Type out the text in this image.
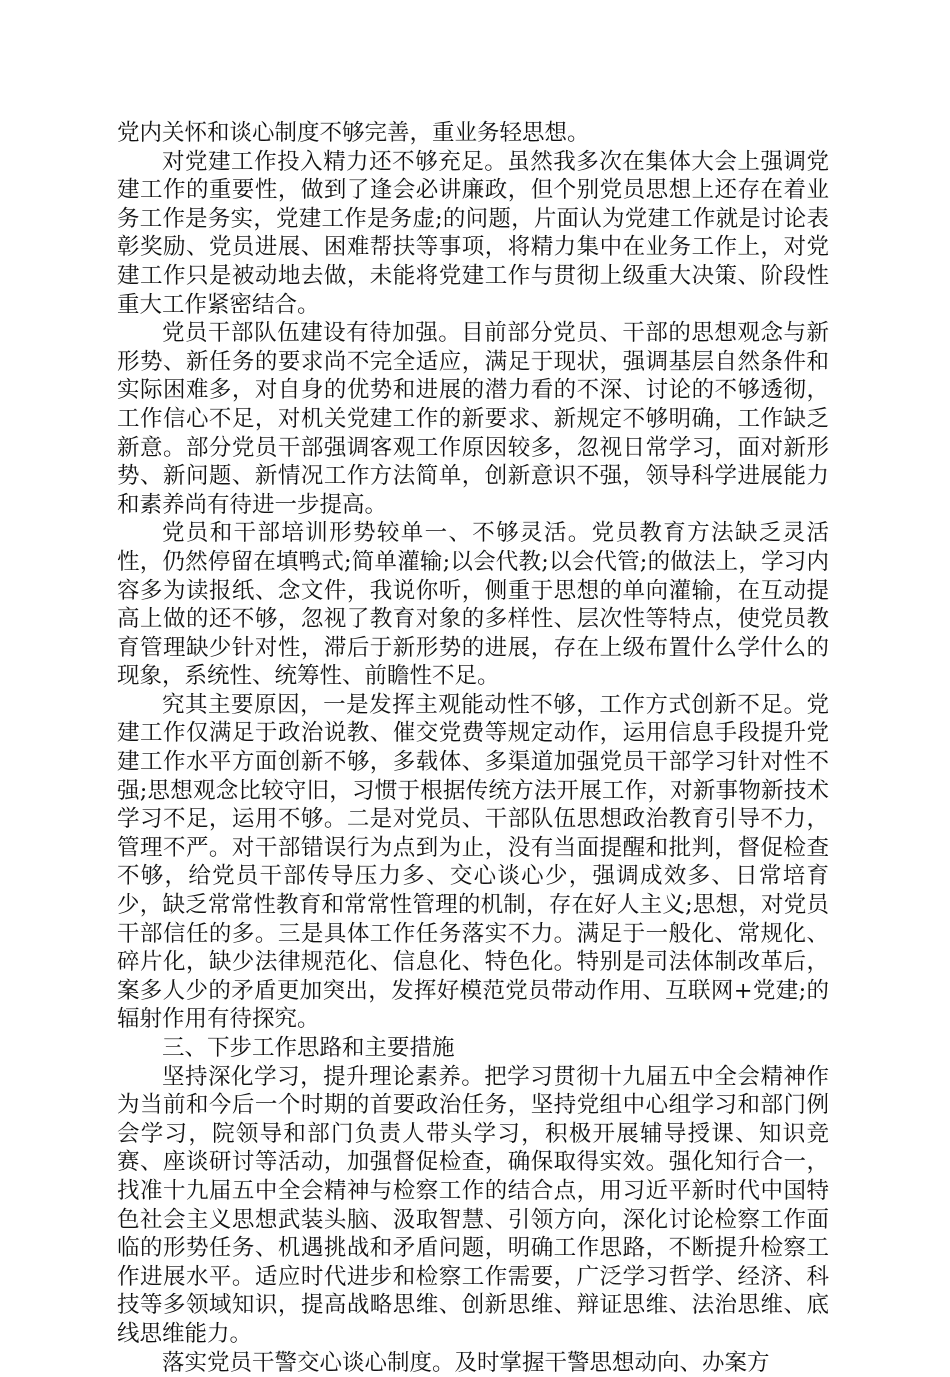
党内关怀和谈心制度不够完善，重业务轻思想。

对党建工作投入精力还不够充足。虽然我多次在集体大会上强调党建工作的重要性，做到了逢会必讲廉政，但个别党员思想上还存在着业务工作是务实，党建工作是务虚;的问题，片面认为党建工作就是讨论表彰奖励、党员进展、困难帮扶等事项，将精力集中在业务工作上，对党建工作只是被动地去做，未能将党建工作与贯彻上级重大决策、阶段性重大工作紧密结合。

党员干部队伍建设有待加强。目前部分党员、干部的思想观念与新形势、新任务的要求尚不完全适应，满足于现状，强调基层自然条件和实际困难多，对自身的优势和进展的潜力看的不深、讨论的不够透彻，工作信心不足，对机关党建工作的新要求、新规定不够明确，工作缺乏新意。部分党员干部强调客观工作原因较多，忽视日常学习，面对新形势、新问题、新情况工作方法简单，创新意识不强，领导科学进展能力和素养尚有待进一步提高。

党员和干部培训形势较单一、不够灵活。党员教育方法缺乏灵活性，仍然停留在填鸭式;简单灌输;以会代教;以会代管;的做法上，学习内容多为读报纸、念文件，我说你听，侧重于思想的单向灌输，在互动提高上做的还不够，忽视了教育对象的多样性、层次性等特点，使党员教育管理缺少针对性，滞后于新形势的进展，存在上级布置什么学什么的现象，系统性、统筹性、前瞻性不足。

究其主要原因，一是发挥主观能动性不够，工作方式创新不足。党建工作仅满足于政治说教、催交党费等规定动作，运用信息手段提升党建工作水平方面创新不够，多载体、多渠道加强党员干部学习针对性不强;思想观念比较守旧，习惯于根据传统方法开展工作，对新事物新技术学习不足，运用不够。二是对党员、干部队伍思想政治教育引导不力，管理不严。对干部错误行为点到为止，没有当面提醒和批判，督促检查不够，给党员干部传导压力多、交心谈心少，强调成效多、日常培育少，缺乏常常性教育和常常性管理的机制，存在好人主义;思想，对党员干部信任的多。三是具体工作任务落实不力。满足于一般化、常规化、碎片化，缺少法律规范化、信息化、特色化。特别是司法体制改革后，案多人少的矛盾更加突出，发挥好模范党员带动作用、互联网+党建;的辐射作用有待探究。

三、下步工作思路和主要措施

坚持深化学习，提升理论素养。把学习贯彻十九届五中全会精神作为当前和今后一个时期的首要政治任务，坚持党组中心组学习和部门例会学习，院领导和部门负责人带头学习，积极开展辅导授课、知识竞赛、座谈研讨等活动，加强督促检查，确保取得实效。强化知行合一，找准十九届五中全会精神与检察工作的结合点，用习近平新时代中国特色社会主义思想武装头脑、汲取智慧、引领方向，深化讨论检察工作面临的形势任务、机遇挑战和矛盾问题，明确工作思路，不断提升检察工作进展水平。适应时代进步和检察工作需要，广泛学习哲学、经济、科技等多领域知识，提高战略思维、创新思维、辩证思维、法治思维、底线思维能力。

落实党员干警交心谈心制度。及时掌握干警思想动向、办案方
